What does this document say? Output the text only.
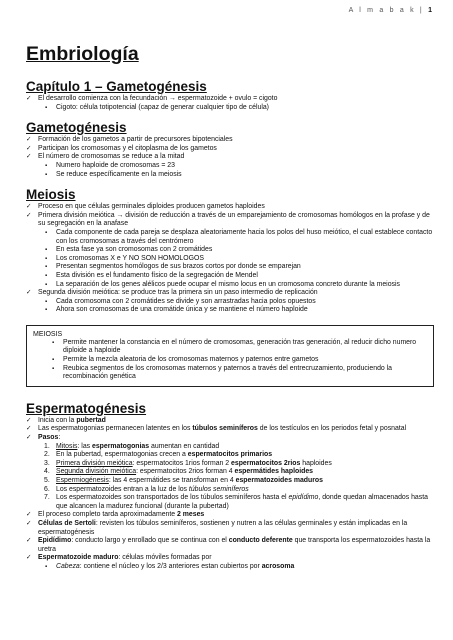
A l m a b a k | 1
Embriología
Capítulo 1 – Gametogénesis
✓ El desarrollo comienza con la fecundación → espermatozoide + ovulo = cigoto
▪ Cigoto: célula totipotencial (capaz de generar cualquier tipo de célula)
Gametogénesis
✓ Formación de los gametos a partir de precursores bipotenciales
✓ Participan los cromosomas y el citoplasma de los gametos
✓ El número de cromosomas se reduce a la mitad
▪ Numero haploide de cromosomas = 23
▪ Se reduce específicamente en la meiosis
Meiosis
✓ Proceso en que células germinales diploides producen gametos haploides
✓ Primera división meiótica → división de reducción a través de un emparejamiento de cromosomas homólogos en la profase y de su segregación en la anafase
▪ Cada componente de cada pareja se desplaza aleatoriamente hacia los polos del huso meiótico, el cual establece contacto con los cromosomas a través del centrómero
▪ En esta fase ya son cromosomas con 2 cromátides
▪ Los cromosomas X e Y NO SON HOMOLOGOS
▪ Presentan segmentos homólogos de sus brazos cortos por donde se emparejan
▪ Esta división es el fundamento físico de la segregación de Mendel
▪ La separación de los genes alélicos puede ocupar el mismo locus en un cromosoma concreto durante la meiosis
✓ Segunda división meiótica: se produce tras la primera sin un paso intermedio de replicación
▪ Cada cromosoma con 2 cromátides se divide y son arrastradas hacia polos opuestos
▪ Ahora son cromosomas de una cromátide única y se mantiene el número haploide
MEIOSIS
▪ Permite mantener la constancia en el número de cromosomas, generación tras generación, al reducir dicho numero diploide a haploide
▪ Permite la mezcla aleatoria de los cromosomas maternos y paternos entre gametos
▪ Reubica segmentos de los cromosomas maternos y paternos a través del entrecruzamiento, produciendo la recombinación genética
Espermatogénesis
✓ Inicia con la pubertad
✓ Las espermatogonias permanecen latentes en los túbulos seminíferos de los testículos en los periodos fetal y posnatal
✓ Pasos:
1. Mitosis: las espermatogonias aumentan en cantidad
2. En la pubertad, espermatogonias crecen a espermatocitos primarios
3. Primera división meiótica: espermatocitos 1rios forman 2 espermatocitos 2rios haploides
4. Segunda división meiótica: espermatocitos 2rios forman 4 espermátides haploides
5. Espermiogénesis: las 4 espermátides se transforman en 4 espermatozoides maduros
6. Los espermatozoides entran a la luz de los túbulos seminíferos
7. Los espermatozoides son transportados de los túbulos seminíferos hasta el epidídimo, donde quedan almacenados hasta que alcancen la madurez funcional (durante la pubertad)
✓ El proceso completo tarda aproximadamente 2 meses
✓ Células de Sertoli: revisten los túbulos seminíferos, sostienen y nutren a las células germinales y están implicadas en la espermatogénesis
✓ Epidídimo: conducto largo y enrollado que se continua con el conducto deferente que transporta los espermatozoides hasta la uretra
✓ Espermatozoide maduro: células móviles formadas por
▪ Cabeza: contiene el núcleo y los 2/3 anteriores estan cubiertos por acrosoma
